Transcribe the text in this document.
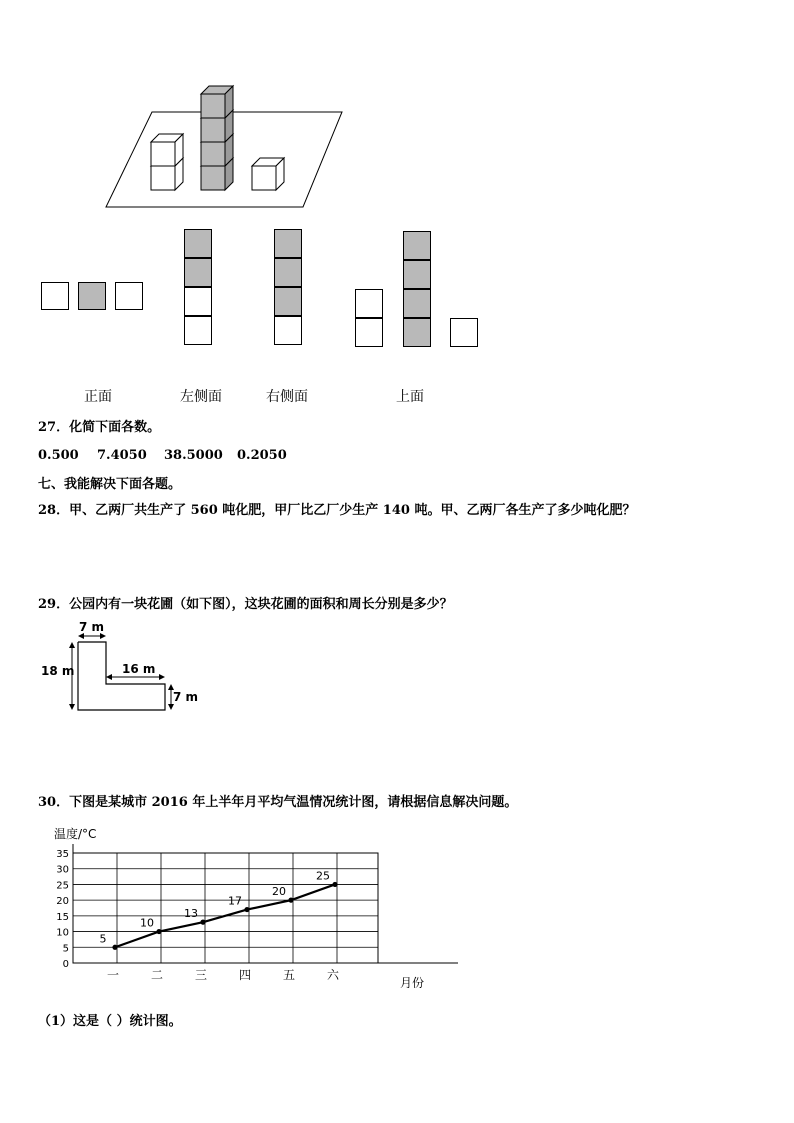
正面	左侧面	右侧面	上面
27．化简下面各数。
0.500 7.4050 38.5000 0.2050
七、我能解决下面各题。
28．甲、乙两厂共生产了 560 吨化肥，甲厂比乙厂少生产 140 吨。甲、乙两厂各生产了多少吨化肥？
29．公园内有一块花圃（如下图），这块花圃的面积和周长分别是多少？
7 m
18 m	16 m
7 m
30．下图是某城市 2016 年上半年月平均气温情况统计图，请根据信息解决问题。
0
5
10
15
20
25
30
35
一	二	三	四	五	六
5
10
13
17
20
25
温度/°C
月份
（1）这是（ ）统计图。
